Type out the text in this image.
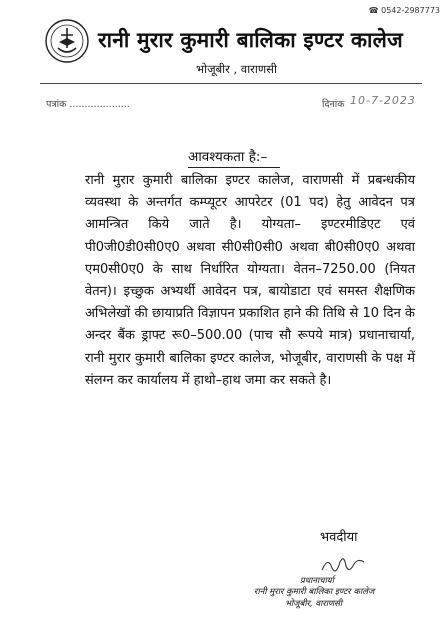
☎ 0542-2987773
रानी मुरार कुमारी बालिका इण्टर कालेज
भोजूबीर , वाराणसी
पत्रांक ....................	दिनांक 10-7-2023
आवश्यकता है:–
रानी मुरार कुमारी बालिका इण्टर कालेज, वाराणसी में प्रबन्धकीय व्यवस्था के अन्तर्गत कम्प्यूटर आपरेटर (01 पद) हेतु आवेदन पत्र आमन्त्रित किये जाते है। योग्यता– इण्टरमीडिएट एवं पी0जी0डी0सी0ए0 अथवा सी0सी0सी0 अथवा बी0सी0ए0 अथवा एम0सी0ए0 के साथ निर्धारित योग्यता। वेतन–7250.00 (नियत वेतन)। इच्छुक अभ्यर्थी आवेदन पत्र, बायोडाटा एवं समस्त शैक्षणिक अभिलेखों की छायाप्रति विज्ञापन प्रकाशित हाने की तिथि से 10 दिन के अन्दर बैंक ड्राफ्ट रू0–500.00 (पाच सौ रूपये मात्र) प्रधानाचार्या, रानी मुरार कुमारी बालिका इण्टर कालेज, भोजूबीर, वाराणसी के पक्ष में संलग्न कर कार्यालय में हाथो–हाथ जमा कर सकते है।
भवदीया
प्रधानाचार्या
रानी मुरार कुमारी बालिका इण्टर कालेज
भोजूबीर, वाराणसी
